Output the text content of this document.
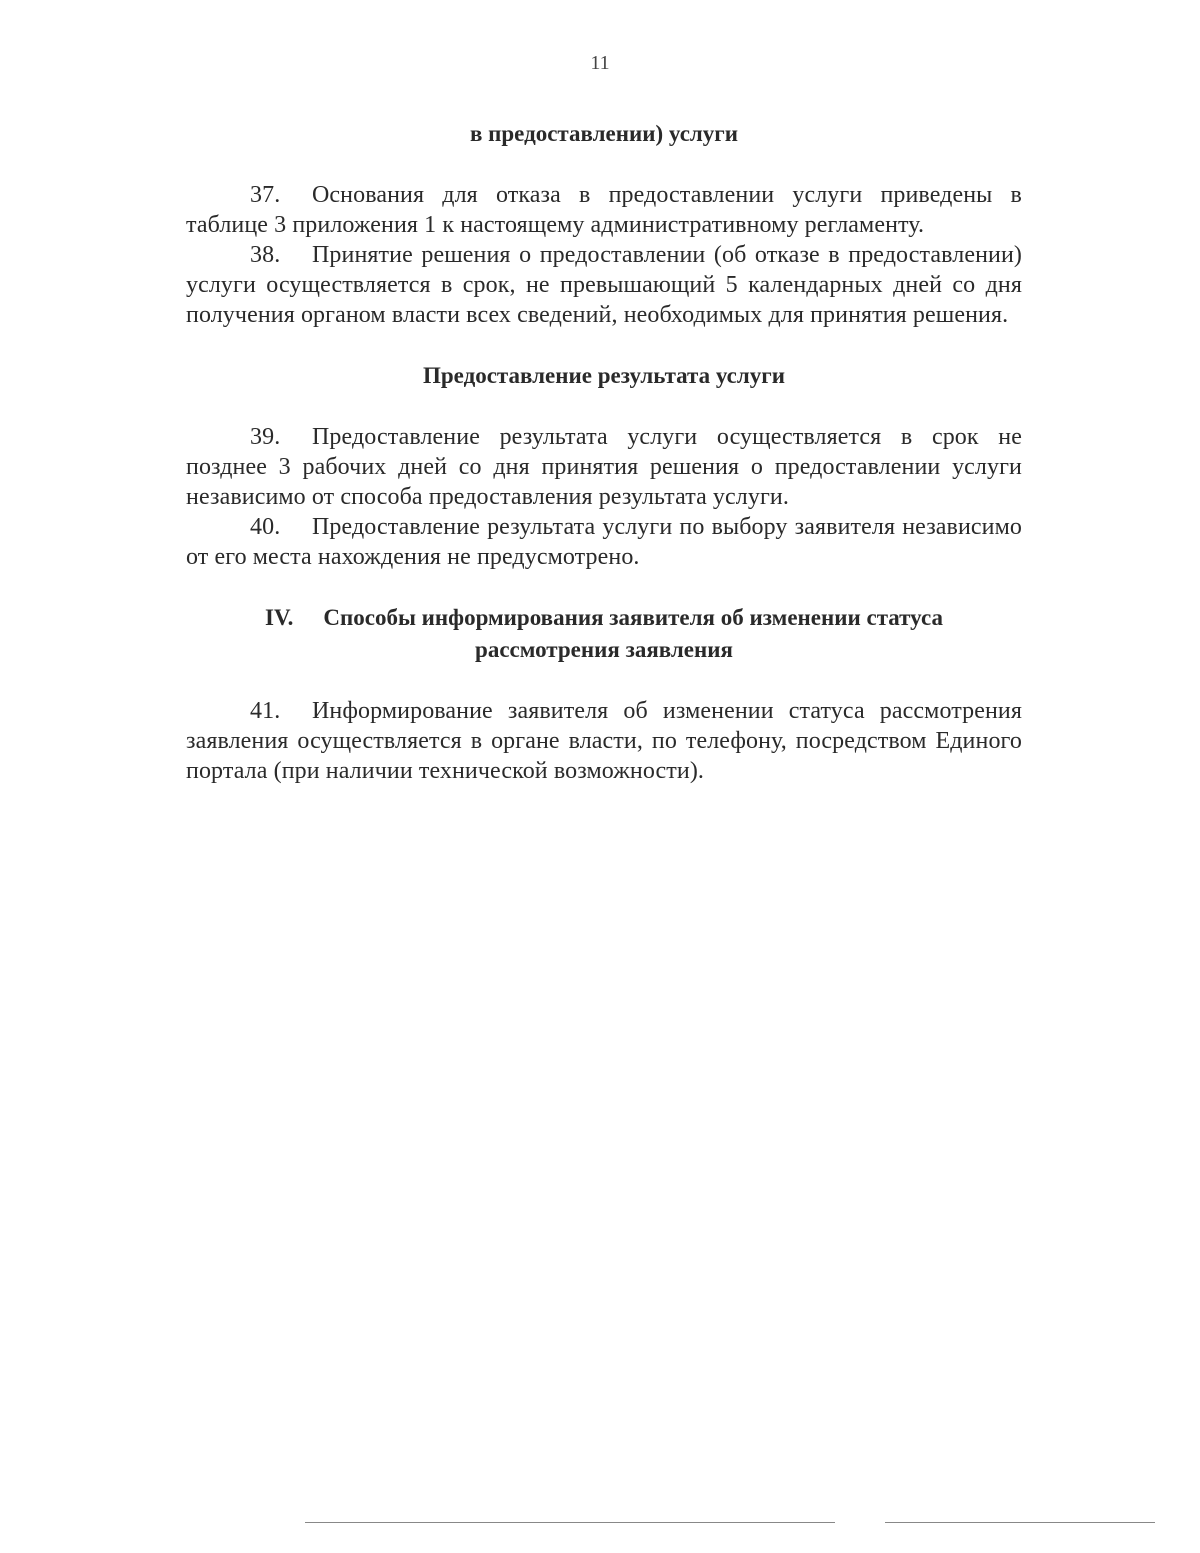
11

в предоставлении) услуги

37. Основания для отказа в предоставлении услуги приведены в таблице 3 приложения 1 к настоящему административному регламенту.

38. Принятие решения о предоставлении (об отказе в предоставлении) услуги осуществляется в срок, не превышающий 5 календарных дней со дня получения органом власти всех сведений, необходимых для принятия решения.

Предоставление результата услуги

39. Предоставление результата услуги осуществляется в срок не позднее 3 рабочих дней со дня принятия решения о предоставлении услуги независимо от способа предоставления результата услуги.

40. Предоставление результата услуги по выбору заявителя независимо от его места нахождения не предусмотрено.

IV. Способы информирования заявителя об изменении статуса

рассмотрения заявления

41. Информирование заявителя об изменении статуса рассмотрения заявления осуществляется в органе власти, по телефону, посредством Единого портала (при наличии технической возможности).
